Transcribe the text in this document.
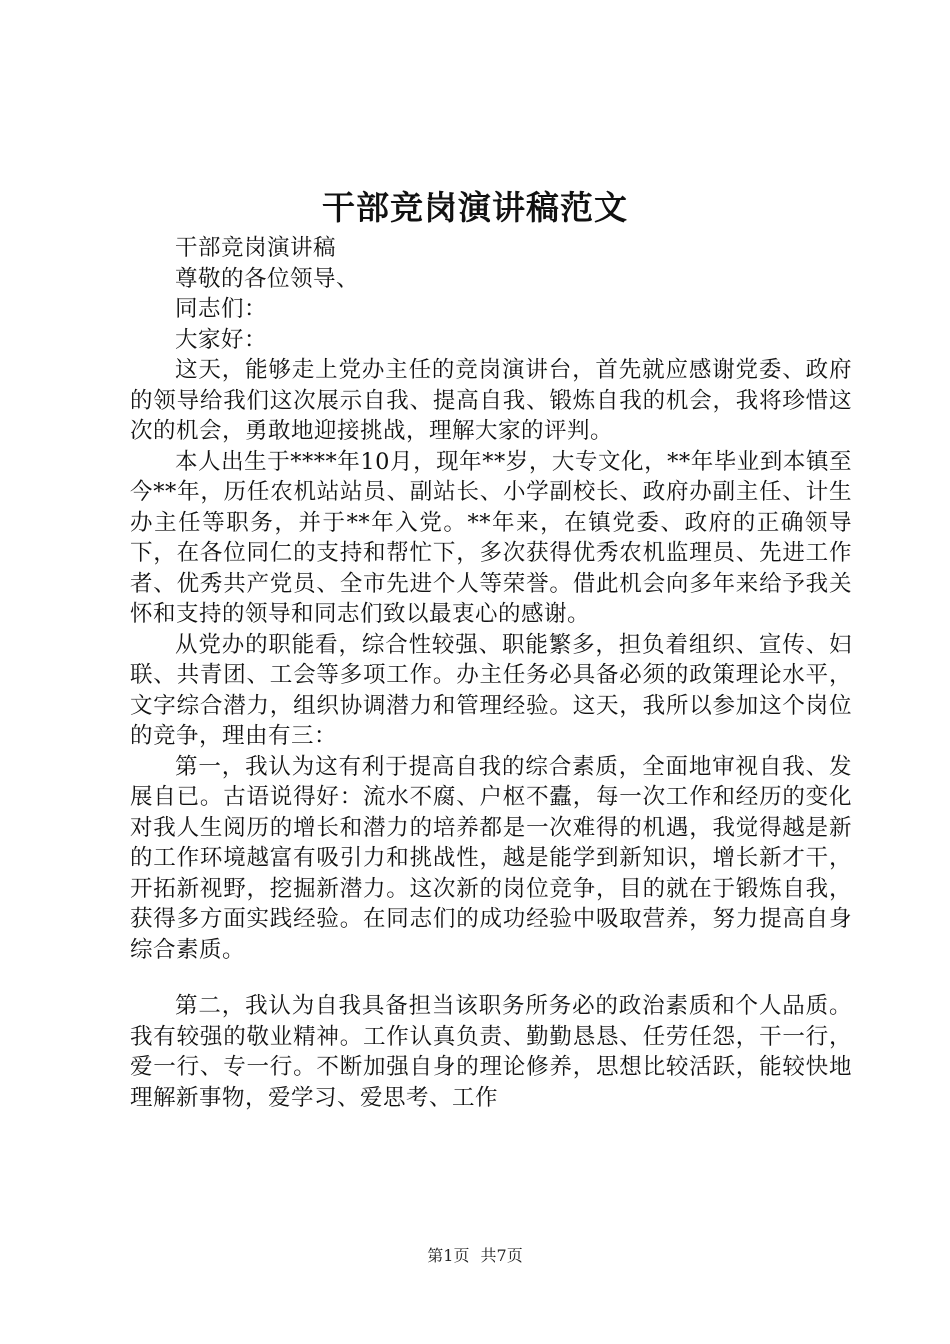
干部竞岗演讲稿范文

干部竞岗演讲稿

尊敬的各位领导、

同志们：

大家好：

这天，能够走上党办主任的竞岗演讲台，首先就应感谢党委、政府的领导给我们这次展示自我、提高自我、锻炼自我的机会，我将珍惜这次的机会，勇敢地迎接挑战，理解大家的评判。

本人出生于****年10月，现年**岁，大专文化，**年毕业到本镇至今**年，历任农机站站员、副站长、小学副校长、政府办副主任、计生办主任等职务，并于**年入党。**年来，在镇党委、政府的正确领导下，在各位同仁的支持和帮忙下，多次获得优秀农机监理员、先进工作者、优秀共产党员、全市先进个人等荣誉。借此机会向多年来给予我关怀和支持的领导和同志们致以最衷心的感谢。

从党办的职能看，综合性较强、职能繁多，担负着组织、宣传、妇联、共青团、工会等多项工作。办主任务必具备必须的政策理论水平，文字综合潜力，组织协调潜力和管理经验。这天，我所以参加这个岗位的竞争，理由有三：

第一，我认为这有利于提高自我的综合素质，全面地审视自我、发展自已。古语说得好：流水不腐、户枢不蠹，每一次工作和经历的变化对我人生阅历的增长和潜力的培养都是一次难得的机遇，我觉得越是新的工作环境越富有吸引力和挑战性，越是能学到新知识，增长新才干，开拓新视野，挖掘新潜力。这次新的岗位竞争，目的就在于锻炼自我，获得多方面实践经验。在同志们的成功经验中吸取营养，努力提高自身综合素质。

第二，我认为自我具备担当该职务所务必的政治素质和个人品质。我有较强的敬业精神。工作认真负责、勤勤恳恳、任劳任怨，干一行，爱一行、专一行。不断加强自身的理论修养，思想比较活跃，能较快地理解新事物，爱学习、爱思考、工作

第1页 共7页
